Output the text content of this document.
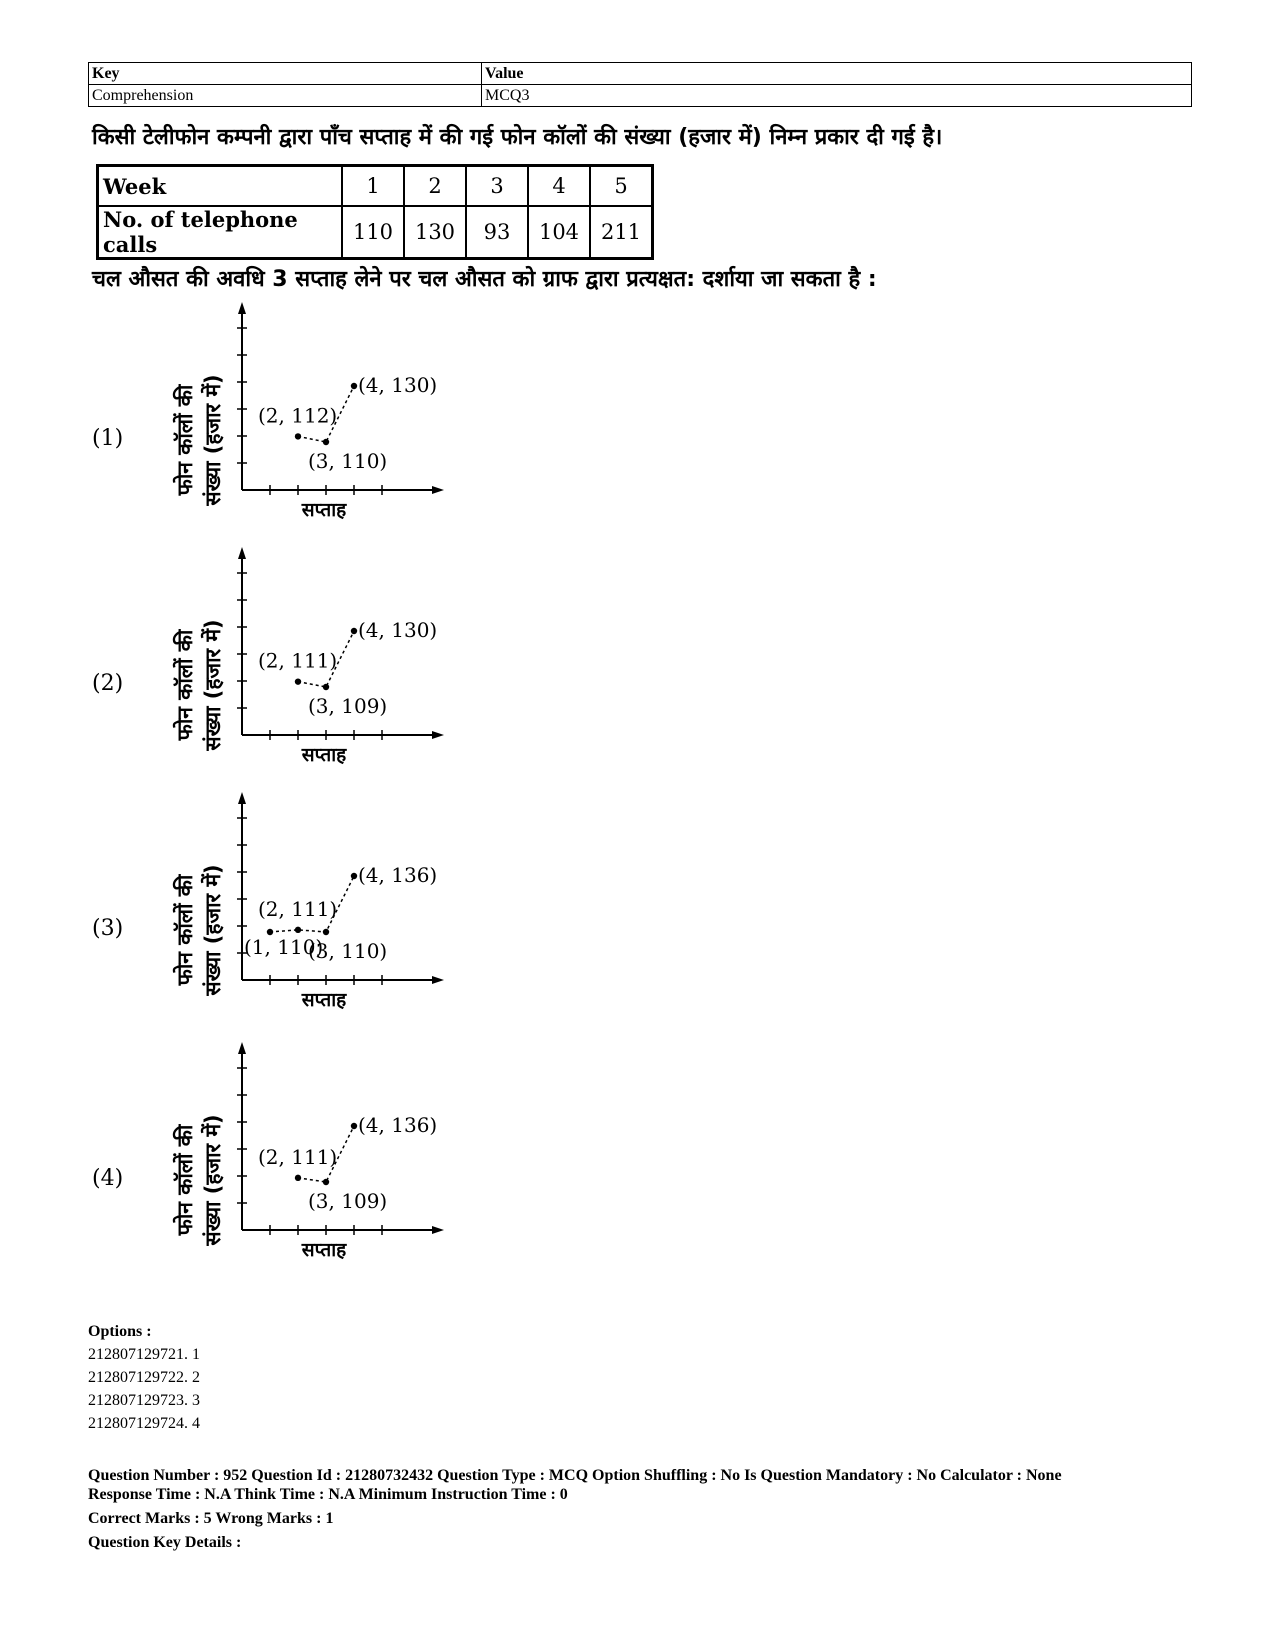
Key	Value
Comprehension	MCQ3
किसी टेलीफोन कम्पनी द्वारा पाँच सप्ताह में की गई फोन कॉलों की संख्या (हजार में) निम्न प्रकार दी गई है।
Week	1	2	3	4	5
No. of telephone calls	110	130	93	104	211
चल औसत की अवधि 3 सप्ताह लेने पर चल औसत को ग्राफ द्वारा प्रत्यक्षत: दर्शाया जा सकता है :
(1) फोन कॉलों की संख्या (हजार में)
सप्ताह
(2, 112)
(3, 110)
(4, 130)
(2) फोन कॉलों की संख्या (हजार में)
सप्ताह
(2, 111)
(3, 109)
(4, 130)
(3) फोन कॉलों की संख्या (हजार में)
सप्ताह
(1, 110)
(2, 111)
(3, 110)
(4, 136)
(4) फोन कॉलों की संख्या (हजार में)
सप्ताह
(2, 111)
(3, 109)
(4, 136)
Options :
212807129721. 1
212807129722. 2
212807129723. 3
212807129724. 4

Question Number : 952 Question Id : 21280732432 Question Type : MCQ Option Shuffling : No Is Question Mandatory : No Calculator : None
Response Time : N.A Think Time : N.A Minimum Instruction Time : 0

Correct Marks : 5 Wrong Marks : 1

Question Key Details :
